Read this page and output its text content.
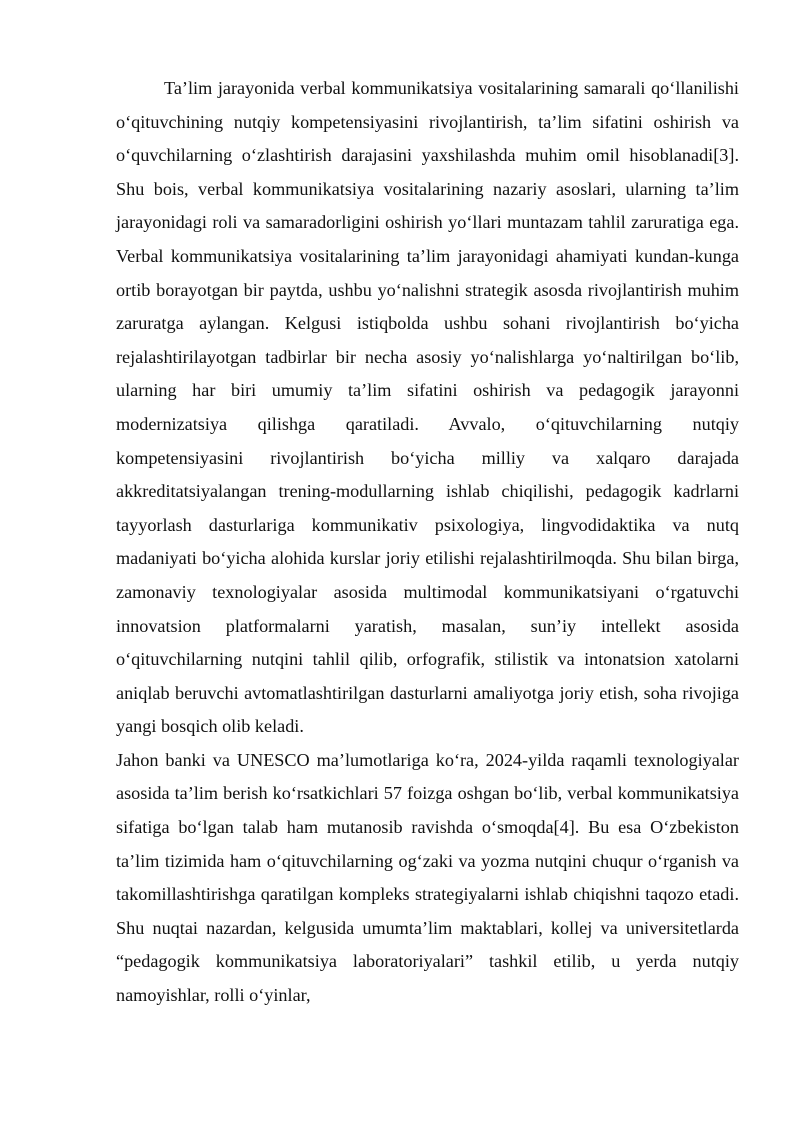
Ta’lim jarayonida verbal kommunikatsiya vositalarining samarali qo‘llanilishi o‘qituvchining nutqiy kompetensiyasini rivojlantirish, ta’lim sifatini oshirish va o‘quvchilarning o‘zlashtirish darajasini yaxshilashda muhim omil hisoblanadi[3]. Shu bois, verbal kommunikatsiya vositalarining nazariy asoslari, ularning ta’lim jarayonidagi roli va samaradorligini oshirish yo‘llari muntazam tahlil zaruratiga ega. Verbal kommunikatsiya vositalarining ta’lim jarayonidagi ahamiyati kundan-kunga ortib borayotgan bir paytda, ushbu yo‘nalishni strategik asosda rivojlantirish muhim zaruratga aylangan. Kelgusi istiqbolda ushbu sohani rivojlantirish bo‘yicha rejalashtirilayotgan tadbirlar bir necha asosiy yo‘nalishlarga yo‘naltirilgan bo‘lib, ularning har biri umumiy ta’lim sifatini oshirish va pedagogik jarayonni modernizatsiya qilishga qaratiladi. Avvalo, o‘qituvchilarning nutqiy kompetensiyasini rivojlantirish bo‘yicha milliy va xalqaro darajada akkreditatsiyalangan trening-modullarning ishlab chiqilishi, pedagogik kadrlarni tayyorlash dasturlariga kommunikativ psixologiya, lingvodidaktika va nutq madaniyati bo‘yicha alohida kurslar joriy etilishi rejalashtirilmoqda. Shu bilan birga, zamonaviy texnologiyalar asosida multimodal kommunikatsiyani o‘rgatuvchi innovatsion platformalarni yaratish, masalan, sun’iy intellekt asosida o‘qituvchilarning nutqini tahlil qilib, orfografik, stilistik va intonatsion xatolarni aniqlab beruvchi avtomatlashtirilgan dasturlarni amaliyotga joriy etish, soha rivojiga yangi bosqich olib keladi.

Jahon banki va UNESCO ma’lumotlariga ko‘ra, 2024-yilda raqamli texnologiyalar asosida ta’lim berish ko‘rsatkichlari 57 foizga oshgan bo‘lib, verbal kommunikatsiya sifatiga bo‘lgan talab ham mutanosib ravishda o‘smoqda[4]. Bu esa O‘zbekiston ta’lim tizimida ham o‘qituvchilarning og‘zaki va yozma nutqini chuqur o‘rganish va takomillashtirishga qaratilgan kompleks strategiyalarni ishlab chiqishni taqozo etadi. Shu nuqtai nazardan, kelgusida umumta’lim maktablari, kollej va universitetlarda “pedagogik kommunikatsiya laboratoriyalari” tashkil etilib, u yerda nutqiy namoyishlar, rolli o‘yinlar,
